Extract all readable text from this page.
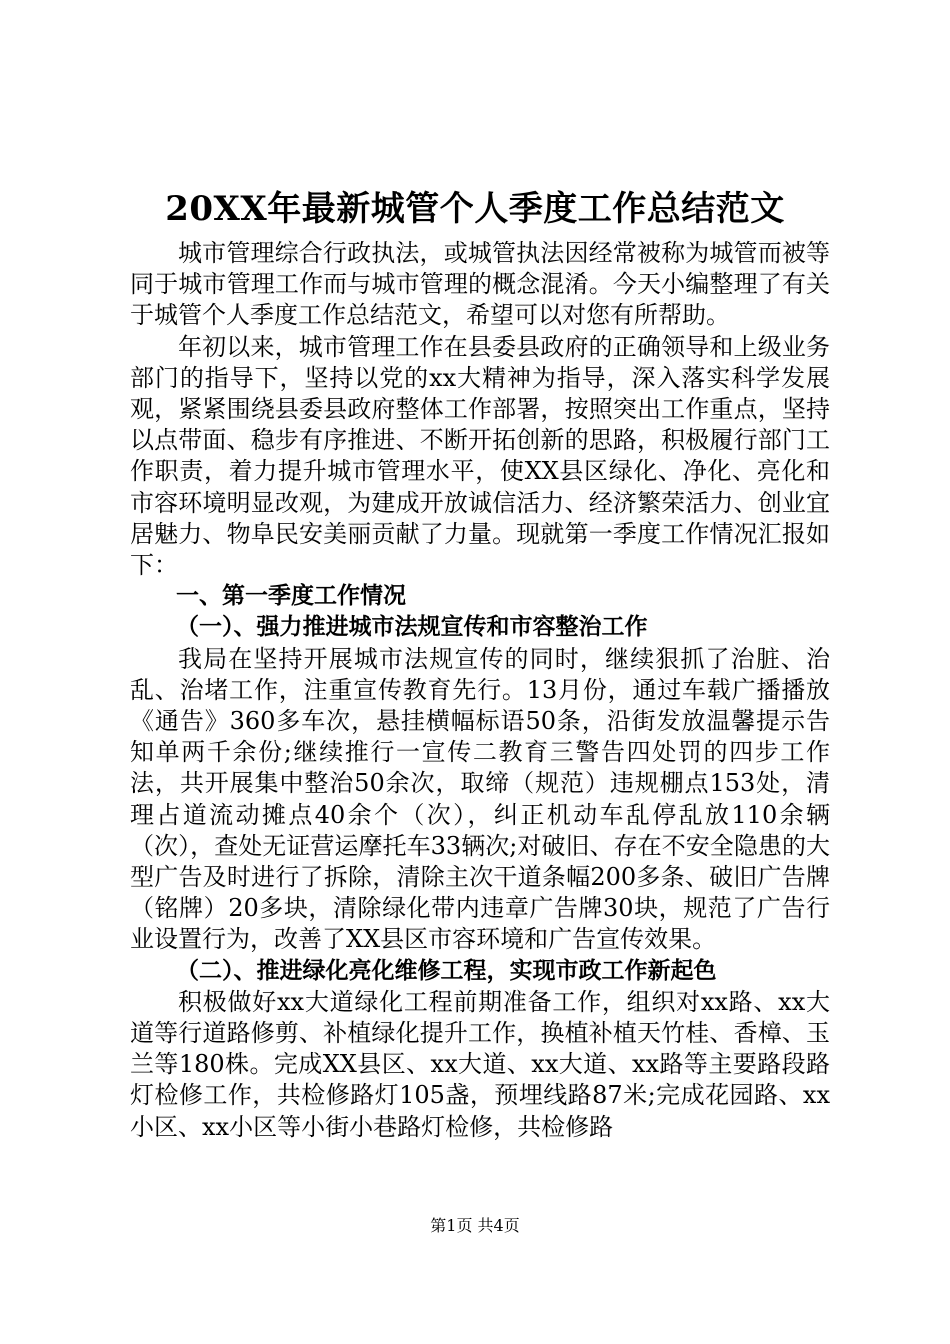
20XX年最新城管个人季度工作总结范文

城市管理综合行政执法，或城管执法因经常被称为城管而被等同于城市管理工作而与城市管理的概念混淆。今天小编整理了有关于城管个人季度工作总结范文，希望可以对您有所帮助。

年初以来，城市管理工作在县委县政府的正确领导和上级业务部门的指导下，坚持以党的xx大精神为指导，深入落实科学发展观，紧紧围绕县委县政府整体工作部署，按照突出工作重点，坚持以点带面、稳步有序推进、不断开拓创新的思路，积极履行部门工作职责，着力提升城市管理水平，使XX县区绿化、净化、亮化和市容环境明显改观，为建成开放诚信活力、经济繁荣活力、创业宜居魅力、物阜民安美丽贡献了力量。现就第一季度工作情况汇报如下：

一、第一季度工作情况

（一）、强力推进城市法规宣传和市容整治工作

我局在坚持开展城市法规宣传的同时，继续狠抓了治脏、治乱、治堵工作，注重宣传教育先行。13月份，通过车载广播播放《通告》360多车次，悬挂横幅标语50条，沿街发放温馨提示告知单两千余份;继续推行一宣传二教育三警告四处罚的四步工作法，共开展集中整治50余次，取缔（规范）违规棚点153处，清理占道流动摊点40余个（次），纠正机动车乱停乱放110余辆（次），查处无证营运摩托车33辆次;对破旧、存在不安全隐患的大型广告及时进行了拆除，清除主次干道条幅200多条、破旧广告牌（铭牌）20多块，清除绿化带内违章广告牌30块，规范了广告行业设置行为，改善了XX县区市容环境和广告宣传效果。

（二）、推进绿化亮化维修工程，实现市政工作新起色

积极做好xx大道绿化工程前期准备工作，组织对xx路、xx大道等行道路修剪、补植绿化提升工作，换植补植天竹桂、香樟、玉兰等180株。完成XX县区、xx大道、xx大道、xx路等主要路段路灯检修工作，共检修路灯105盏，预埋线路87米;完成花园路、xx小区、xx小区等小街小巷路灯检修，共检修路

第1页 共4页
